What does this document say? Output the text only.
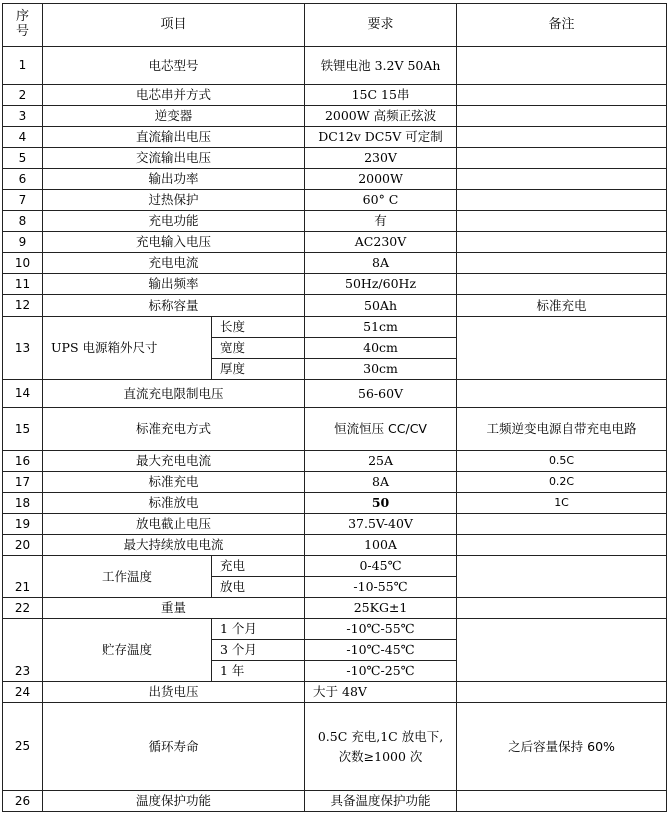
序
号	项目		要求	备注
1	电芯型号		铁锂电池 3.2V 50Ah	
2	电芯串并方式		15C 15串	
3	逆变器		2000W 高频正弦波	
4	直流输出电压		DC12v DC5V 可定制	
5	交流输出电压		230V	
6	输出功率		2000W	
7	过热保护		60° C	
8	充电功能		有	
9	充电输入电压		AC230V	
10	充电电流		8A	
11	输出频率		50Hz/60Hz	
12	标称容量		50Ah	标准充电
13	UPS 电源箱外尺寸	长度	51cm	
		宽度	40cm	
		厚度	30cm	
14	直流充电限制电压		56-60V	
15	标准充电方式		恒流恒压 CC/CV	工频逆变电源自带充电电路
16	最大充电电流		25A	0.5C
17	标准充电		8A	0.2C
18	标准放电		50	1C
19	放电截止电压		37.5V-40V	
20	最大持续放电电流		100A	
21	工作温度	充电	0-45℃	
		放电	-10-55℃	
22	重量		25KG±1	
23	贮存温度	1 个月	-10℃-55℃	
		3 个月	-10℃-45℃	
		1 年	-10℃-25℃	
24	出货电压		大于 48V	
25	循环寿命		0.5C 充电,1C 放电下,
次数≥1000 次	之后容量保持 60%
26	温度保护功能		具备温度保护功能	
